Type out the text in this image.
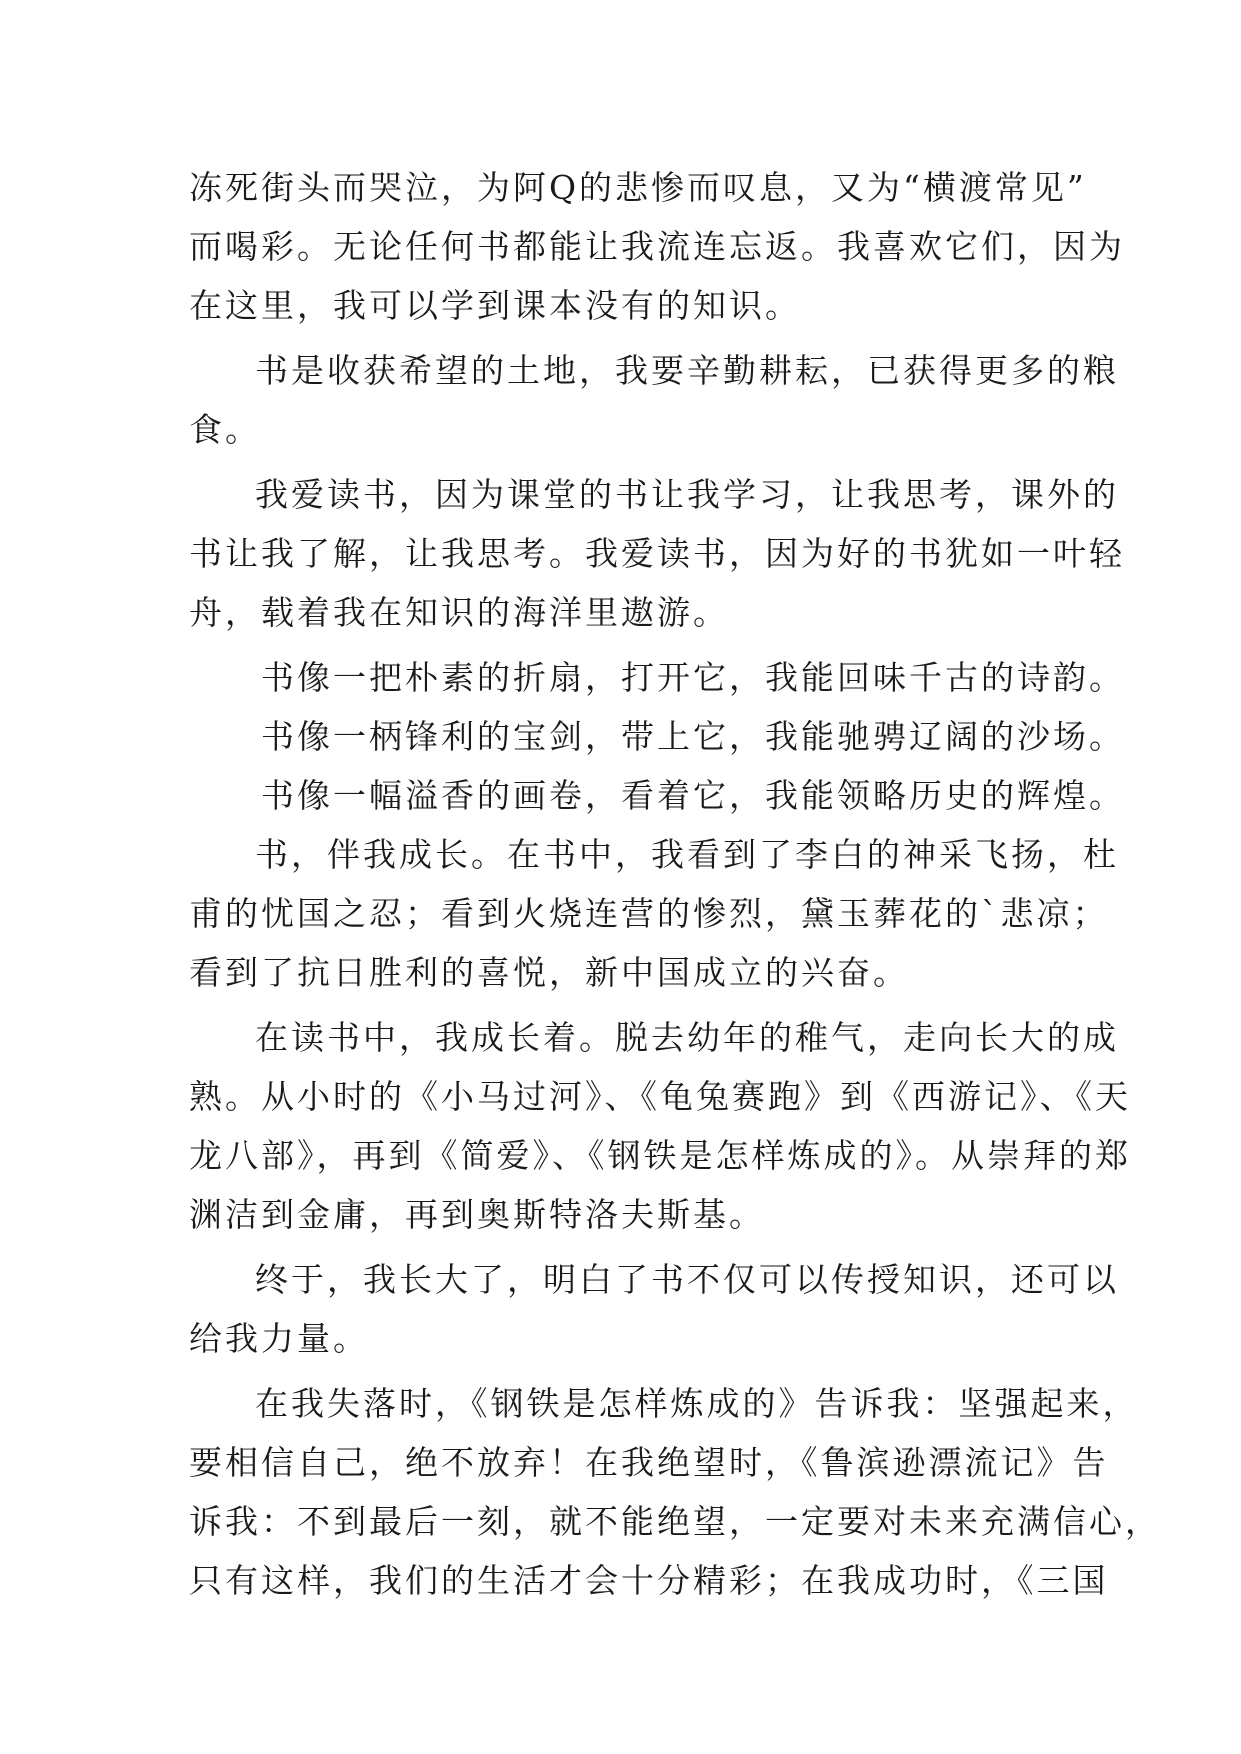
冻死街头而哭泣，为阿Q的悲惨而叹息，又为“横渡常见”
而喝彩。无论任何书都能让我流连忘返。我喜欢它们，因为
在这里，我可以学到课本没有的知识。
书是收获希望的土地，我要辛勤耕耘，已获得更多的粮
食。
我爱读书，因为课堂的书让我学习，让我思考，课外的
书让我了解，让我思考。我爱读书，因为好的书犹如一叶轻
舟，载着我在知识的海洋里遨游。
书像一把朴素的折扇，打开它，我能回味千古的诗韵。
书像一柄锋利的宝剑，带上它，我能驰骋辽阔的沙场。
书像一幅溢香的画卷，看着它，我能领略历史的辉煌。
书，伴我成长。在书中，我看到了李白的神采飞扬，杜
甫的忧国之忍；看到火烧连营的惨烈，黛玉葬花的`悲凉；
看到了抗日胜利的喜悦，新中国成立的兴奋。
在读书中，我成长着。脱去幼年的稚气，走向长大的成
熟。从小时的《小马过河》、《龟兔赛跑》到《西游记》、《天
龙八部》，再到《简爱》、《钢铁是怎样炼成的》。从崇拜的郑
渊洁到金庸，再到奥斯特洛夫斯基。
终于，我长大了，明白了书不仅可以传授知识，还可以
给我力量。
在我失落时，《钢铁是怎样炼成的》告诉我：坚强起来，
要相信自己，绝不放弃！在我绝望时，《鲁滨逊漂流记》告
诉我：不到最后一刻，就不能绝望，一定要对未来充满信心，
只有这样，我们的生活才会十分精彩；在我成功时，《三国
